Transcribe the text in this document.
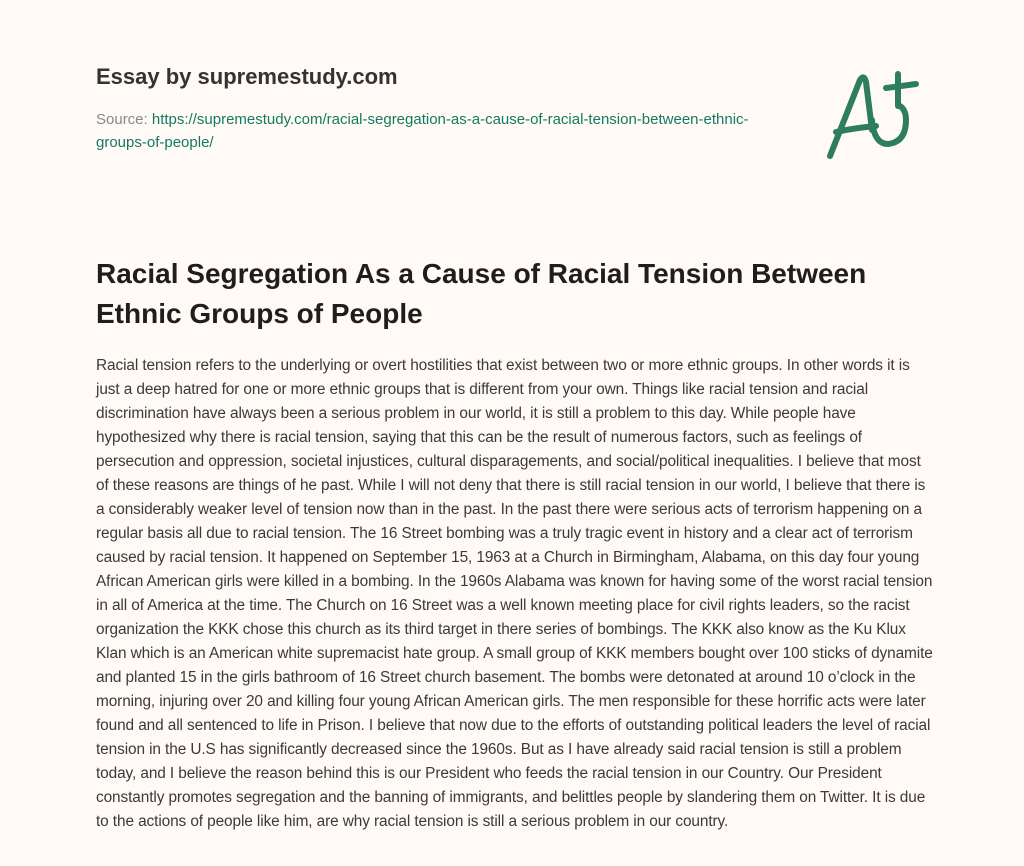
Essay by supremestudy.com
Source: https://supremestudy.com/racial-segregation-as-a-cause-of-racial-tension-between-ethnic-groups-of-people/
Racial Segregation As a Cause of Racial Tension Between Ethnic Groups of People

Racial tension refers to the underlying or overt hostilities that exist between two or more ethnic groups. In other words it is just a deep hatred for one or more ethnic groups that is different from your own. Things like racial tension and racial discrimination have always been a serious problem in our world, it is still a problem to this day. While people have hypothesized why there is racial tension, saying that this can be the result of numerous factors, such as feelings of persecution and oppression, societal injustices, cultural disparagements, and social/political inequalities. I believe that most of these reasons are things of he past. While I will not deny that there is still racial tension in our world, I believe that there is a considerably weaker level of tension now than in the past. In the past there were serious acts of terrorism happening on a regular basis all due to racial tension. The 16 Street bombing was a truly tragic event in history and a clear act of terrorism caused by racial tension. It happened on September 15, 1963 at a Church in Birmingham, Alabama, on this day four young African American girls were killed in a bombing. In the 1960s Alabama was known for having some of the worst racial tension in all of America at the time. The Church on 16 Street was a well known meeting place for civil rights leaders, so the racist organization the KKK chose this church as its third target in there series of bombings. The KKK also know as the Ku Klux Klan which is an American white supremacist hate group. A small group of KKK members bought over 100 sticks of dynamite and planted 15 in the girls bathroom of 16 Street church basement. The bombs were detonated at around 10 o’clock in the morning, injuring over 20 and killing four young African American girls. The men responsible for these horrific acts were later found and all sentenced to life in Prison. I believe that now due to the efforts of outstanding political leaders the level of racial tension in the U.S has significantly decreased since the 1960s. But as I have already said racial tension is still a problem today, and I believe the reason behind this is our President who feeds the racial tension in our Country. Our President constantly promotes segregation and the banning of immigrants, and belittles people by slandering them on Twitter. It is due to the actions of people like him, are why racial tension is still a serious problem in our country.
